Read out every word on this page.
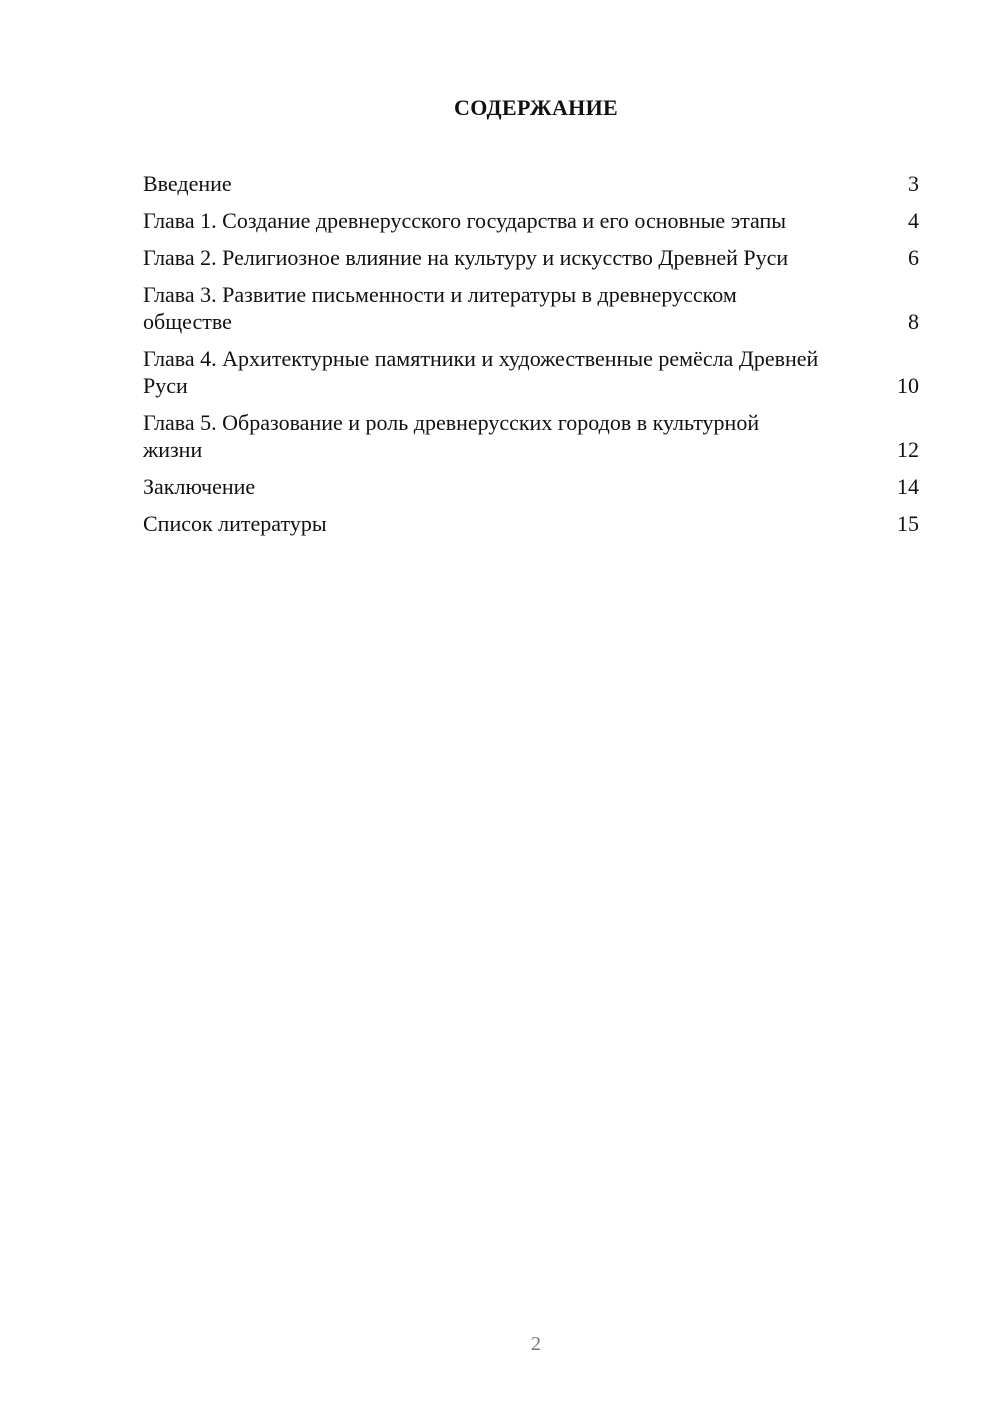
СОДЕРЖАНИЕ
Введение	3
Глава 1. Создание древнерусского государства и его основные этапы	4
Глава 2. Религиозное влияние на культуру и искусство Древней Руси	6
Глава 3. Развитие письменности и литературы в древнерусском обществе	8
Глава 4. Архитектурные памятники и художественные ремёсла Древней Руси	10
Глава 5. Образование и роль древнерусских городов в культурной жизни	12
Заключение	14
Список литературы	15
2
